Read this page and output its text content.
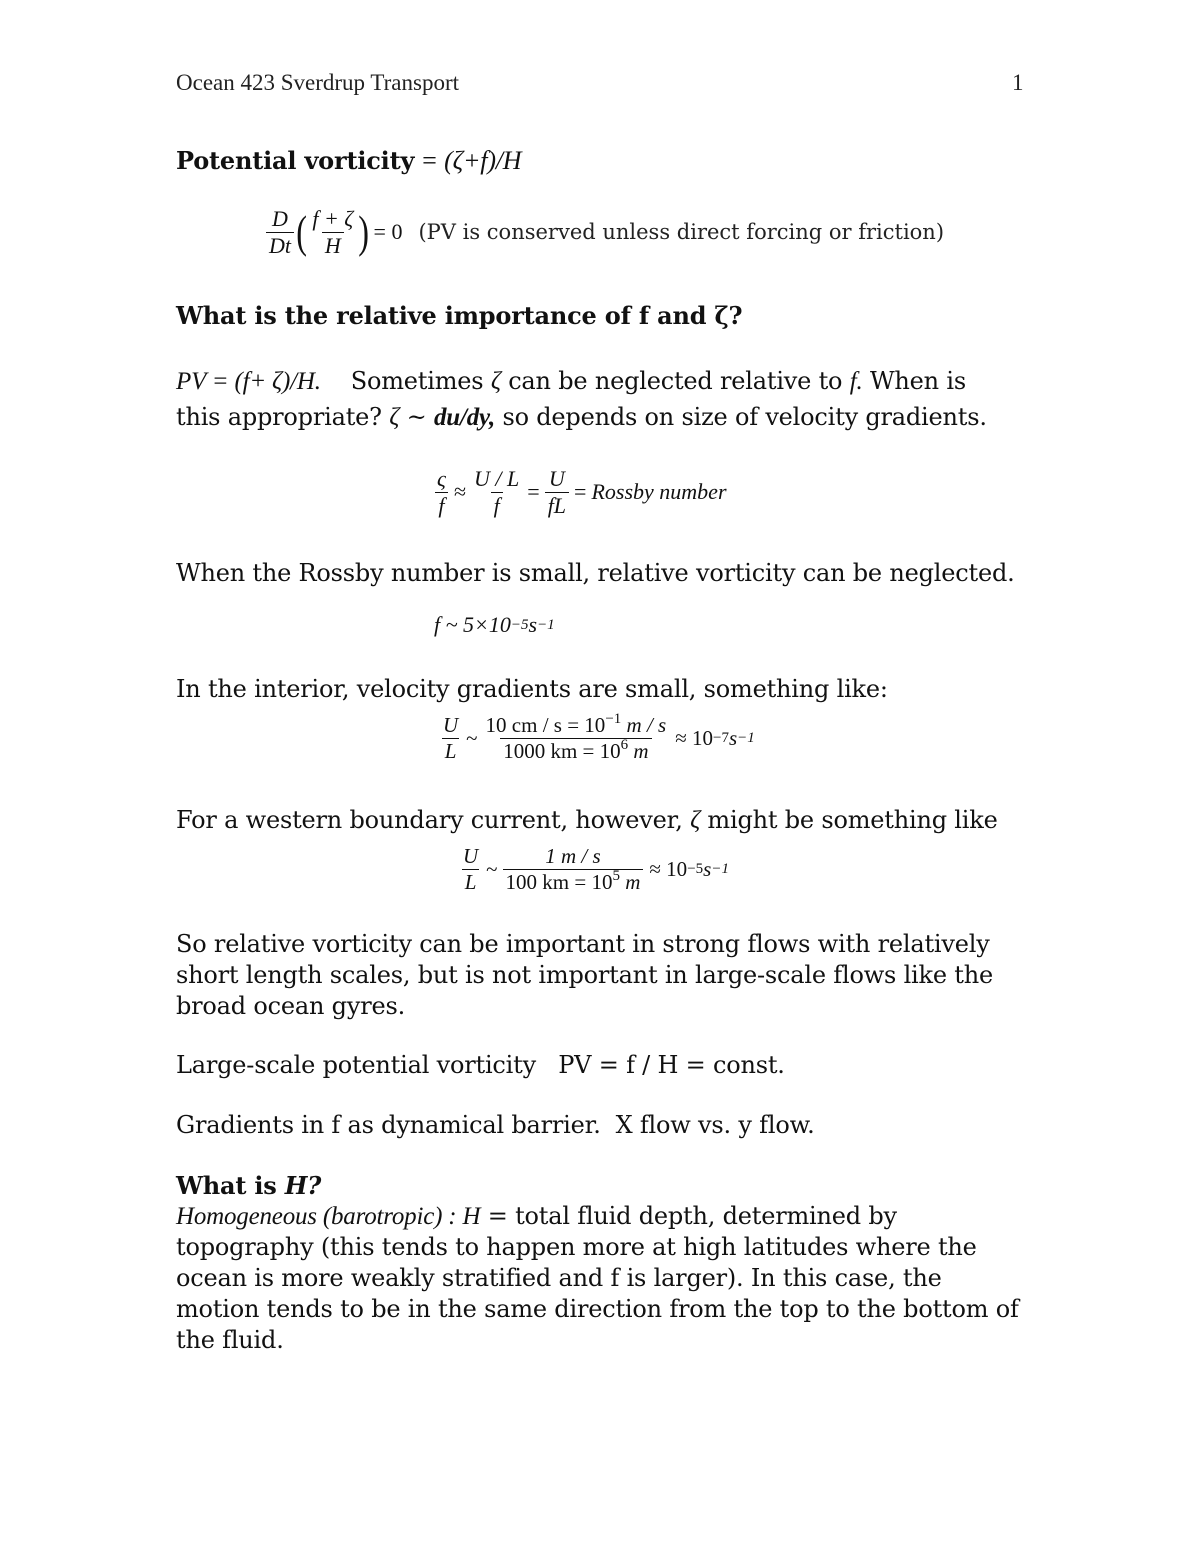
Ocean 423 Sverdrup Transport	1
Potential vorticity = (ζ+f)/H
$\frac{D}{Dt}$ ( $\frac{f + \zeta}{H}$ ) = 0 (PV is conserved unless direct forcing or friction)
What is the relative importance of f and ζ?
PV = (f+ ζ)/H. Sometimes ζ can be neglected relative to f. When is
this appropriate? ζ ~ du/dy, so depends on size of velocity gradients.
$\frac{\varsigma}{f} \approx \frac{U / L}{f} = \frac{U}{fL}$ = Rossby number
When the Rossby number is small, relative vorticity can be neglected.
f ~ 5×10 −5 s −1
In the interior, velocity gradients are small, something like:
$\frac{U}{L}$ ~ $\frac{10 cm / s = 10^{-1} m / s}{1000 km = 10^6 m} \approx 10 -7$ s −1
For a western boundary current, however, ζ might be something like
$\frac{U}{L}$ ~ $\frac{1 m / s}{100 km = 10^5 m} \approx 10 -5$ s −1
So relative vorticity can be important in strong flows with relatively
short length scales, but is not important in large-scale flows like the
broad ocean gyres.
Large-scale potential vorticity   PV = f / H = const.
Gradients in f as dynamical barrier.  X flow vs. y flow.
What is H?
Homogeneous (barotropic) : H = total fluid depth, determined by
topography (this tends to happen more at high latitudes where the
ocean is more weakly stratified and f is larger). In this case, the
motion tends to be in the same direction from the top to the bottom of
the fluid.
